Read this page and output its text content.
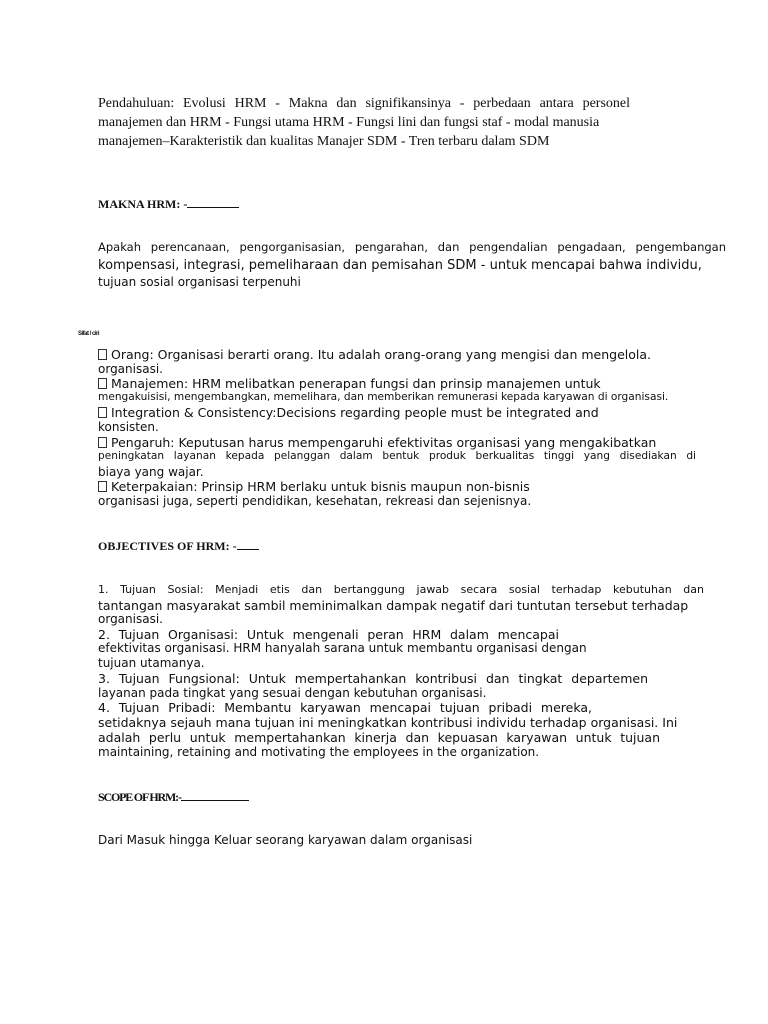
Pendahuluan: Evolusi HRM - Makna dan signifikansinya - perbedaan antara personel
manajemen dan HRM - Fungsi utama HRM - Fungsi lini dan fungsi staf - modal manusia
manajemen–Karakteristik dan kualitas Manajer SDM - Tren terbaru dalam SDM
MAKNA HRM: -
Apakah perencanaan, pengorganisasian, pengarahan, dan pengendalian pengadaan, pengembangan
kompensasi, integrasi, pemeliharaan dan pemisahan SDM - untuk mencapai bahwa individu,
tujuan sosial organisasi terpenuhi
Sifat / ciri
Orang: Organisasi berarti orang. Itu adalah orang-orang yang mengisi dan mengelola.
organisasi.
Manajemen: HRM melibatkan penerapan fungsi dan prinsip manajemen untuk
mengakuisisi, mengembangkan, memelihara, dan memberikan remunerasi kepada karyawan di organisasi.
Integration & Consistency:Decisions regarding people must be integrated and
konsisten.
Pengaruh: Keputusan harus mempengaruhi efektivitas organisasi yang mengakibatkan
peningkatan layanan kepada pelanggan dalam bentuk produk berkualitas tinggi yang disediakan di
biaya yang wajar.
Keterpakaian: Prinsip HRM berlaku untuk bisnis maupun non-bisnis
organisasi juga, seperti pendidikan, kesehatan, rekreasi dan sejenisnya.
OBJECTIVES OF HRM: -
1. Tujuan Sosial: Menjadi etis dan bertanggung jawab secara sosial terhadap kebutuhan dan
tantangan masyarakat sambil meminimalkan dampak negatif dari tuntutan tersebut terhadap
organisasi.
2. Tujuan Organisasi: Untuk mengenali peran HRM dalam mencapai
efektivitas organisasi. HRM hanyalah sarana untuk membantu organisasi dengan
tujuan utamanya.
3. Tujuan Fungsional: Untuk mempertahankan kontribusi dan tingkat departemen
layanan pada tingkat yang sesuai dengan kebutuhan organisasi.
4. Tujuan Pribadi: Membantu karyawan mencapai tujuan pribadi mereka,
setidaknya sejauh mana tujuan ini meningkatkan kontribusi individu terhadap organisasi. Ini
adalah perlu untuk mempertahankan kinerja dan kepuasan karyawan untuk tujuan
maintaining, retaining and motivating the employees in the organization.
SCOPE OF HRM:-
Dari Masuk hingga Keluar seorang karyawan dalam organisasi
